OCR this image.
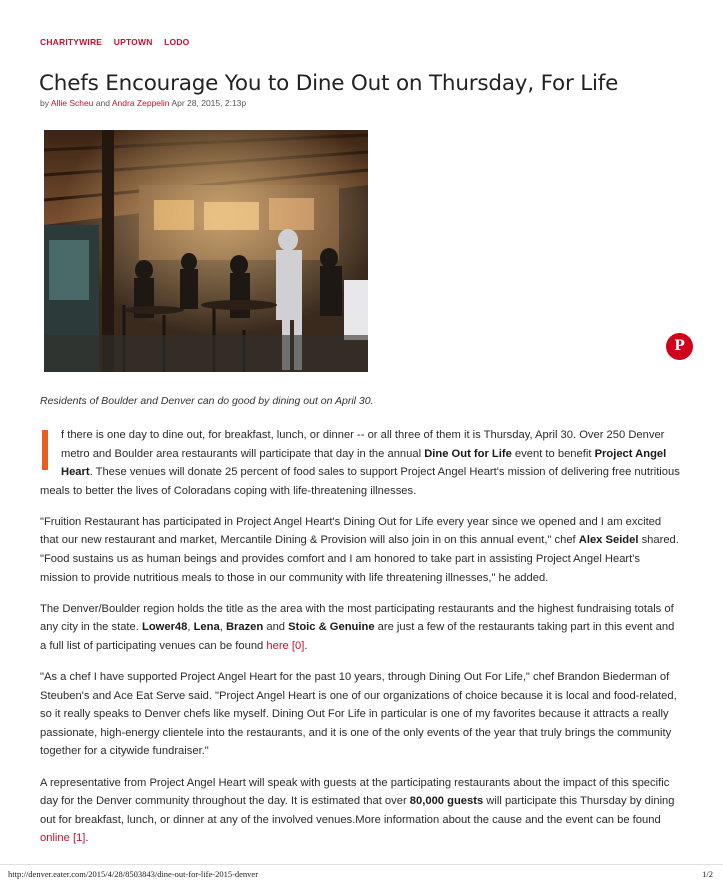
CHARITYWIRE UPTOWN LODO
Chefs Encourage You to Dine Out on Thursday, For Life
by Allie Scheu and Andra Zeppelin Apr 28, 2015, 2:13p
P
Residents of Boulder and Denver can do good by dining out on April 30.

f there is one day to dine out, for breakfast, lunch, or dinner -- or all three of them it is Thursday, April 30. Over 250 Denver metro and Boulder area restaurants will participate that day in the annual Dine Out for Life event to benefit Project Angel Heart. These venues will donate 25 percent of food sales to support Project Angel Heart's mission of delivering free nutritious meals to better the lives of Coloradans coping with life-threatening illnesses.

"Fruition Restaurant has participated in Project Angel Heart's Dining Out for Life every year since we opened and I am excited that our new restaurant and market, Mercantile Dining & Provision will also join in on this annual event," chef Alex Seidel shared. "Food sustains us as human beings and provides comfort and I am honored to take part in assisting Project Angel Heart's mission to provide nutritious meals to those in our community with life threatening illnesses," he added.

The Denver/Boulder region holds the title as the area with the most participating restaurants and the highest fundraising totals of any city in the state. Lower48, Lena, Brazen and Stoic & Genuine are just a few of the restaurants taking part in this event and a full list of participating venues can be found here [0].

"As a chef I have supported Project Angel Heart for the past 10 years, through Dining Out For Life," chef Brandon Biederman of Steuben's and Ace Eat Serve said. "Project Angel Heart is one of our organizations of choice because it is local and food-related, so it really speaks to Denver chefs like myself. Dining Out For Life in particular is one of my favorites because it attracts a really passionate, high-energy clientele into the restaurants, and it is one of the only events of the year that truly brings the community together for a citywide fundraiser."

A representative from Project Angel Heart will speak with guests at the participating restaurants about the impact of this specific day for the Denver community throughout the day. It is estimated that over 80,000 guests will participate this Thursday by dining out for breakfast, lunch, or dinner at any of the involved venues.More information about the cause and the event can be found online [1].

http://denver.eater.com/2015/4/28/8503843/dine-out-for-life-2015-denver	1/2
